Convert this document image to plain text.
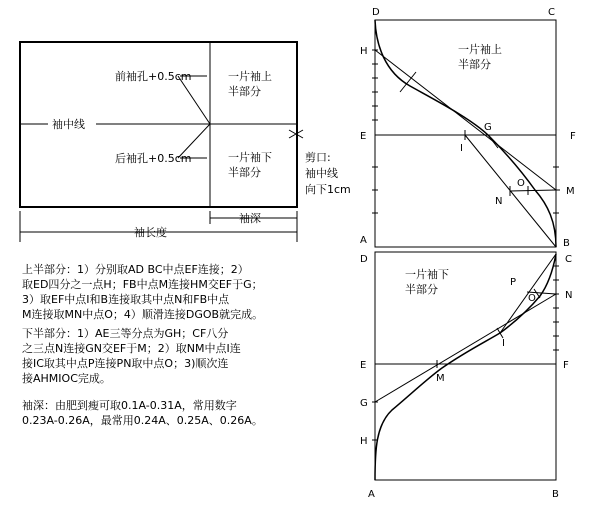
前袖孔+0.5cm
后袖孔+0.5cm
袖中线
一片袖上
半部分
一片袖下
半部分
剪口:
袖中线
向下1cm
袖深
袖长度
一片袖上
半部分
D	C
H
E	F
G
I
O
M
N
A	B
一片袖下
半部分
D	C
P
O	N
I
E	F
M
G
H
A	B

上半部分：1）分别取AD BC中点EF连接；2）
取ED四分之一点H；FB中点M连接HM交EF于G；
3）取EF中点I和B连接取其中点N和FB中点
M连接取MN中点O；4）顺滑连接DGOB就完成。

下半部分：1）AE三等分点为GH；CF八分
之三点N连接GN交EF于M；2）取NM中点I连
接IC取其中点P连接PN取中点O；3)顺次连
接AHMIOC完成。

袖深：由肥到瘦可取0.1A-0.31A，常用数字
0.23A-0.26A，最常用0.24A、0.25A、0.26A。
